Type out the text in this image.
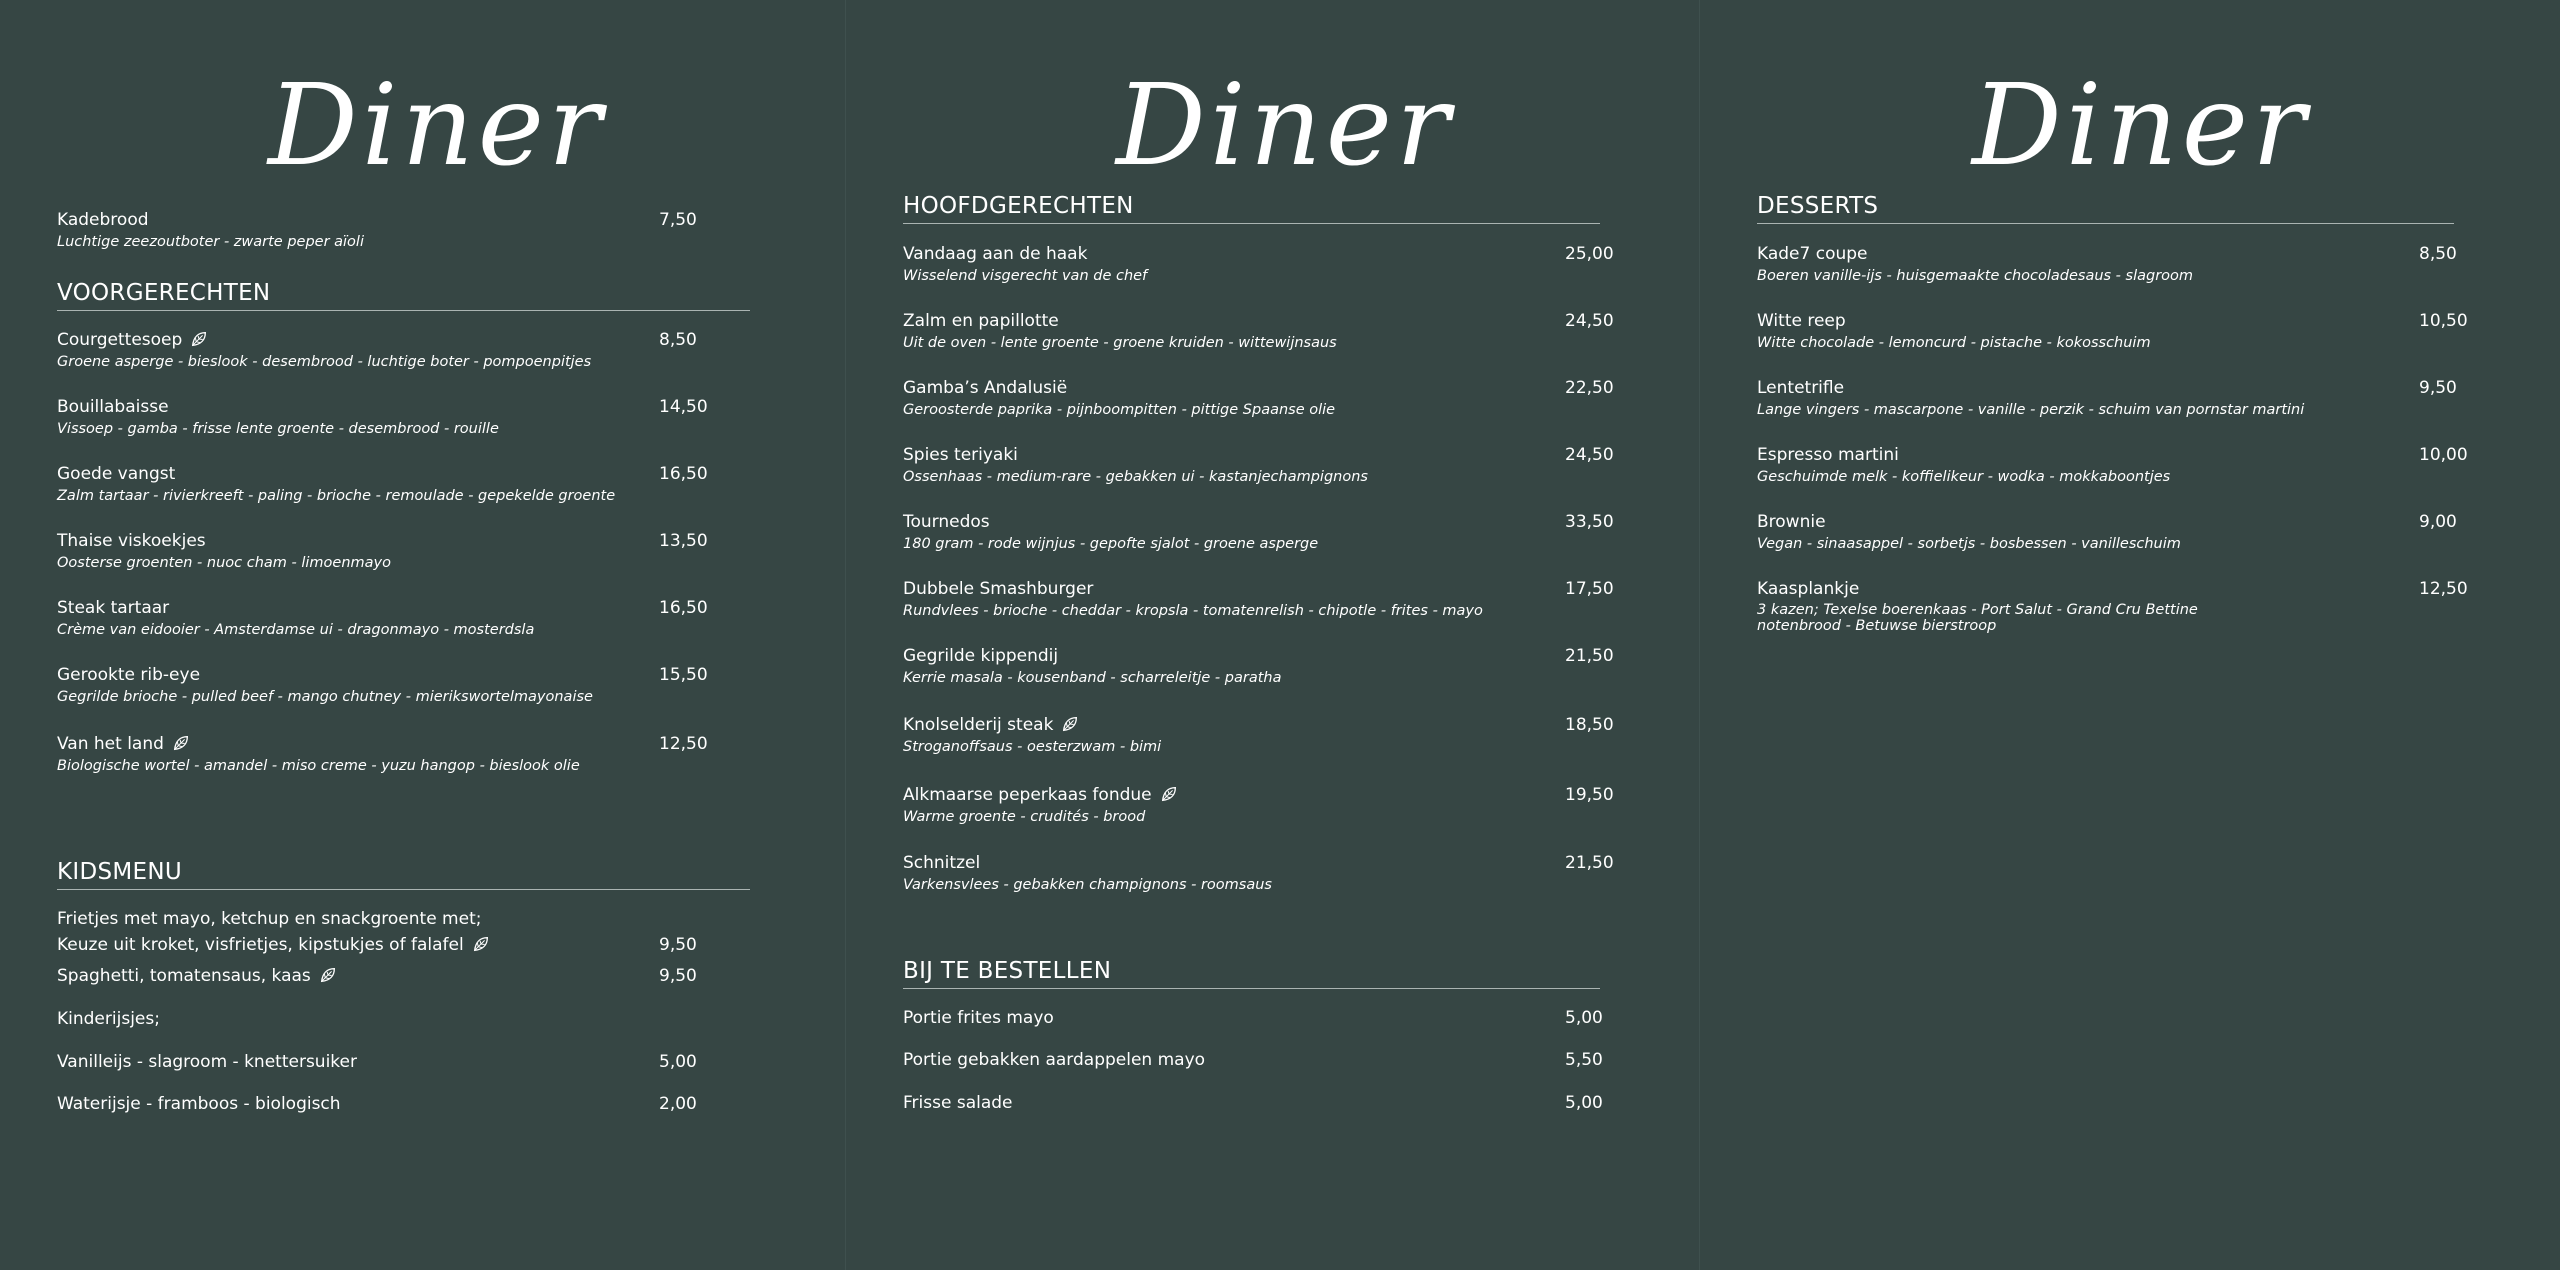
Diner
Kadebrood
Luchtige zeezoutboter - zwarte peper aïoli
7,50
VOORGERECHTEN
Courgettesoep
Groene asperge - bieslook - desembrood - luchtige boter - pompoenpitjes
8,50
Bouillabaisse
Vissoep - gamba - frisse lente groente - desembrood - rouille
14,50
Goede vangst
Zalm tartaar - rivierkreeft - paling - brioche - remoulade - gepekelde groente
16,50
Thaise viskoekjes
Oosterse groenten - nuoc cham - limoenmayo
13,50
Steak tartaar
Crème van eidooier - Amsterdamse ui - dragonmayo - mosterdsla
16,50
Gerookte rib-eye
Gegrilde brioche - pulled beef - mango chutney - mierikswortelmayonaise
15,50
Van het land
Biologische wortel - amandel - miso creme - yuzu hangop - bieslook olie
12,50
KIDSMENU
Frietjes met mayo, ketchup en snackgroente met;
Keuze uit kroket, visfrietjes, kipstukjes of falafel	9,50
Spaghetti, tomatensaus, kaas	9,50
Kinderijsjes;
Vanilleijs - slagroom - knettersuiker	5,00
Waterijsje - framboos - biologisch	2,00
Diner
HOOFDGERECHTEN
Vandaag aan de haak
Wisselend visgerecht van de chef
25,00
Zalm en papillotte
Uit de oven - lente groente - groene kruiden - wittewijnsaus
24,50
Gamba’s Andalusië
Geroosterde paprika - pijnboompitten - pittige Spaanse olie
22,50
Spies teriyaki
Ossenhaas - medium-rare - gebakken ui - kastanjechampignons
24,50
Tournedos
180 gram - rode wijnjus - gepofte sjalot - groene asperge
33,50
Dubbele Smashburger
Rundvlees - brioche - cheddar - kropsla - tomatenrelish - chipotle - frites - mayo
17,50
Gegrilde kippendij
Kerrie masala - kousenband - scharreleitje - paratha
21,50
Knolselderij steak
Stroganoffsaus - oesterzwam - bimi
18,50
Alkmaarse peperkaas fondue
Warme groente - crudités - brood
19,50
Schnitzel
Varkensvlees - gebakken champignons - roomsaus
21,50
BIJ TE BESTELLEN
Portie frites mayo	5,00
Portie gebakken aardappelen mayo	5,50
Frisse salade	5,00
Diner
DESSERTS
Kade7 coupe
Boeren vanille-ijs - huisgemaakte chocoladesaus - slagroom
8,50
Witte reep
Witte chocolade - lemoncurd - pistache - kokosschuim
10,50
Lentetrifle
Lange vingers - mascarpone - vanille - perzik - schuim van pornstar martini
9,50
Espresso martini
Geschuimde melk - koffielikeur - wodka - mokkaboontjes
10,00
Brownie
Vegan - sinaasappel - sorbetjs - bosbessen - vanilleschuim
9,00
Kaasplankje
3 kazen; Texelse boerenkaas - Port Salut - Grand Cru Bettine notenbrood - Betuwse bierstroop
12,50
